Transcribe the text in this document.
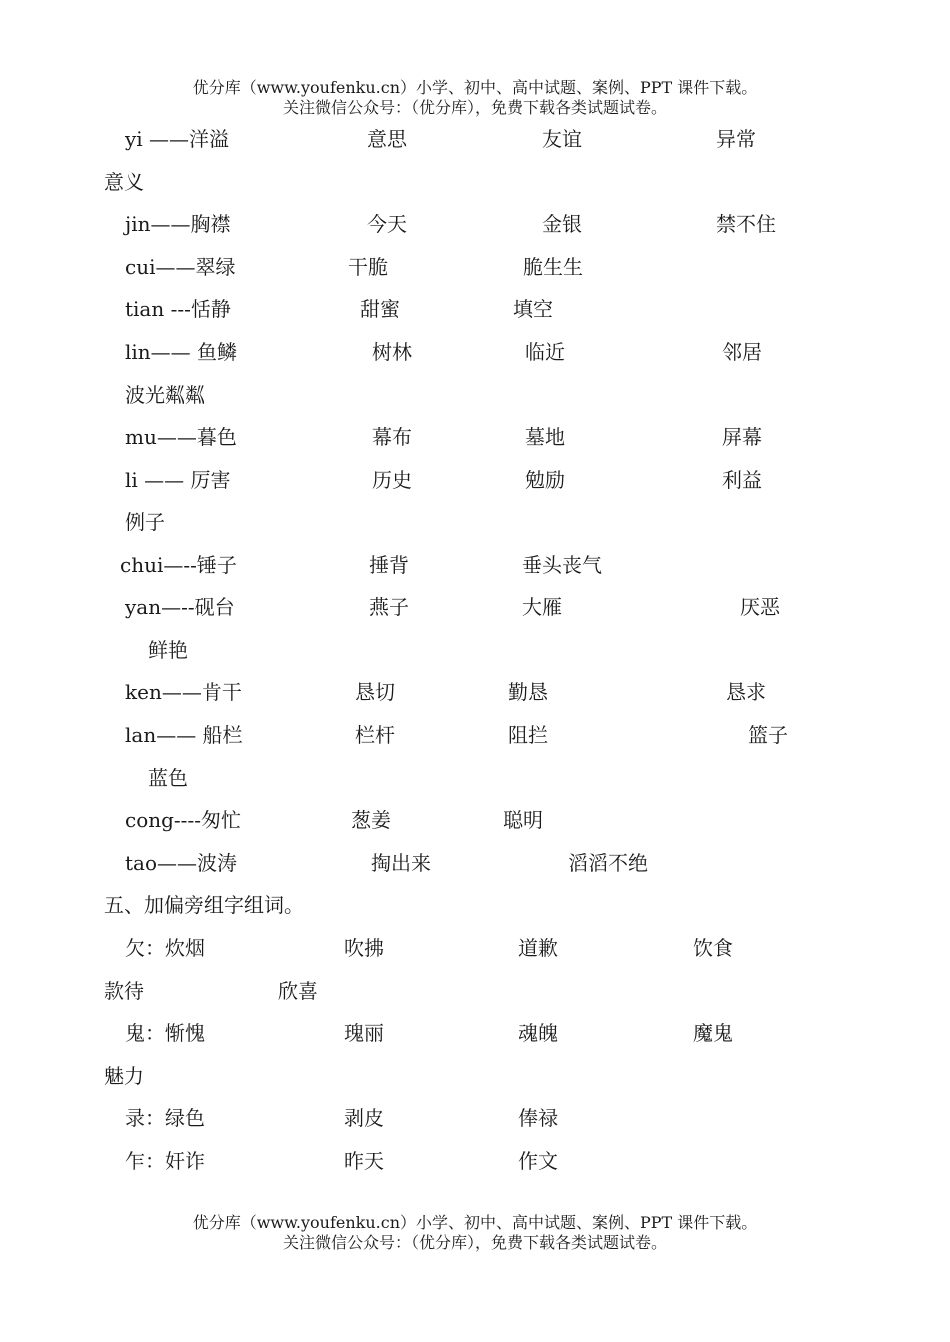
优分库（www.youfenku.cn）小学、初中、高中试题、案例、PPT 课件下载。
关注微信公众号：（优分库），免费下载各类试题试卷。
yi ——洋溢	意思	友谊	异常
意义
jin——胸襟	今天	金银	禁不住
cui——翠绿	干脆	脆生生
tian ---恬静	甜蜜	填空
lin—— 鱼鳞	树林	临近	邻居
波光粼粼
mu——暮色	幕布	墓地	屏幕
li —— 厉害	历史	勉励	利益
例子
chui—--锤子	捶背	垂头丧气
yan—--砚台	燕子	大雁	厌恶
鲜艳
ken——肯干	恳切	勤恳	恳求
lan—— 船栏	栏杆	阻拦	篮子
蓝色
cong----匆忙	葱姜	聪明
tao——波涛	掏出来	滔滔不绝
五、加偏旁组字组词。
欠：炊烟	吹拂	道歉	饮食
款待	欣喜
鬼：惭愧	瑰丽	魂魄	魔鬼
魅力
录：绿色	剥皮	俸禄
乍：奸诈	昨天	作文
优分库（www.youfenku.cn）小学、初中、高中试题、案例、PPT 课件下载。
关注微信公众号：（优分库），免费下载各类试题试卷。
